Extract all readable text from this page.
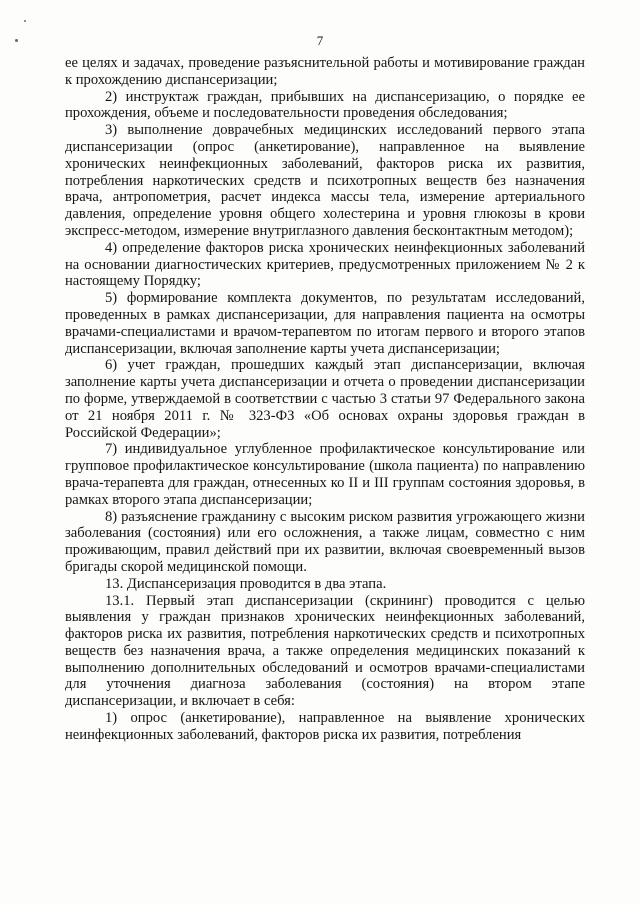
7

ее целях и задачах, проведение разъяснительной работы и мотивирование граждан к прохождению диспансеризации;

2) инструктаж граждан, прибывших на диспансеризацию, о порядке ее прохождения, объеме и последовательности проведения обследования;

3) выполнение доврачебных медицинских исследований первого этапа диспансеризации (опрос (анкетирование), направленное на выявление хронических неинфекционных заболеваний, факторов риска их развития, потребления наркотических средств и психотропных веществ без назначения врача, антропометрия, расчет индекса массы тела, измерение артериального давления, определение уровня общего холестерина и уровня глюкозы в крови экспресс-методом, измерение внутриглазного давления бесконтактным методом);

4) определение факторов риска хронических неинфекционных заболеваний на основании диагностических критериев, предусмотренных приложением № 2 к настоящему Порядку;

5) формирование комплекта документов, по результатам исследований, проведенных в рамках диспансеризации, для направления пациента на осмотры врачами-специалистами и врачом-терапевтом по итогам первого и второго этапов диспансеризации, включая заполнение карты учета диспансеризации;

6) учет граждан, прошедших каждый этап диспансеризации, включая заполнение карты учета диспансеризации и отчета о проведении диспансеризации по форме, утверждаемой в соответствии с частью 3 статьи 97 Федерального закона от 21 ноября 2011 г. № 323-ФЗ «Об основах охраны здоровья граждан в Российской Федерации»;

7) индивидуальное углубленное профилактическое консультирование или групповое профилактическое консультирование (школа пациента) по направлению врача-терапевта для граждан, отнесенных ко II и III группам состояния здоровья, в рамках второго этапа диспансеризации;

8) разъяснение гражданину с высоким риском развития угрожающего жизни заболевания (состояния) или его осложнения, а также лицам, совместно с ним проживающим, правил действий при их развитии, включая своевременный вызов бригады скорой медицинской помощи.

13. Диспансеризация проводится в два этапа.

13.1. Первый этап диспансеризации (скрининг) проводится с целью выявления у граждан признаков хронических неинфекционных заболеваний, факторов риска их развития, потребления наркотических средств и психотропных веществ без назначения врача, а также определения медицинских показаний к выполнению дополнительных обследований и осмотров врачами-специалистами для уточнения диагноза заболевания (состояния) на втором этапе диспансеризации, и включает в себя:

1) опрос (анкетирование), направленное на выявление хронических неинфекционных заболеваний, факторов риска их развития, потребления
